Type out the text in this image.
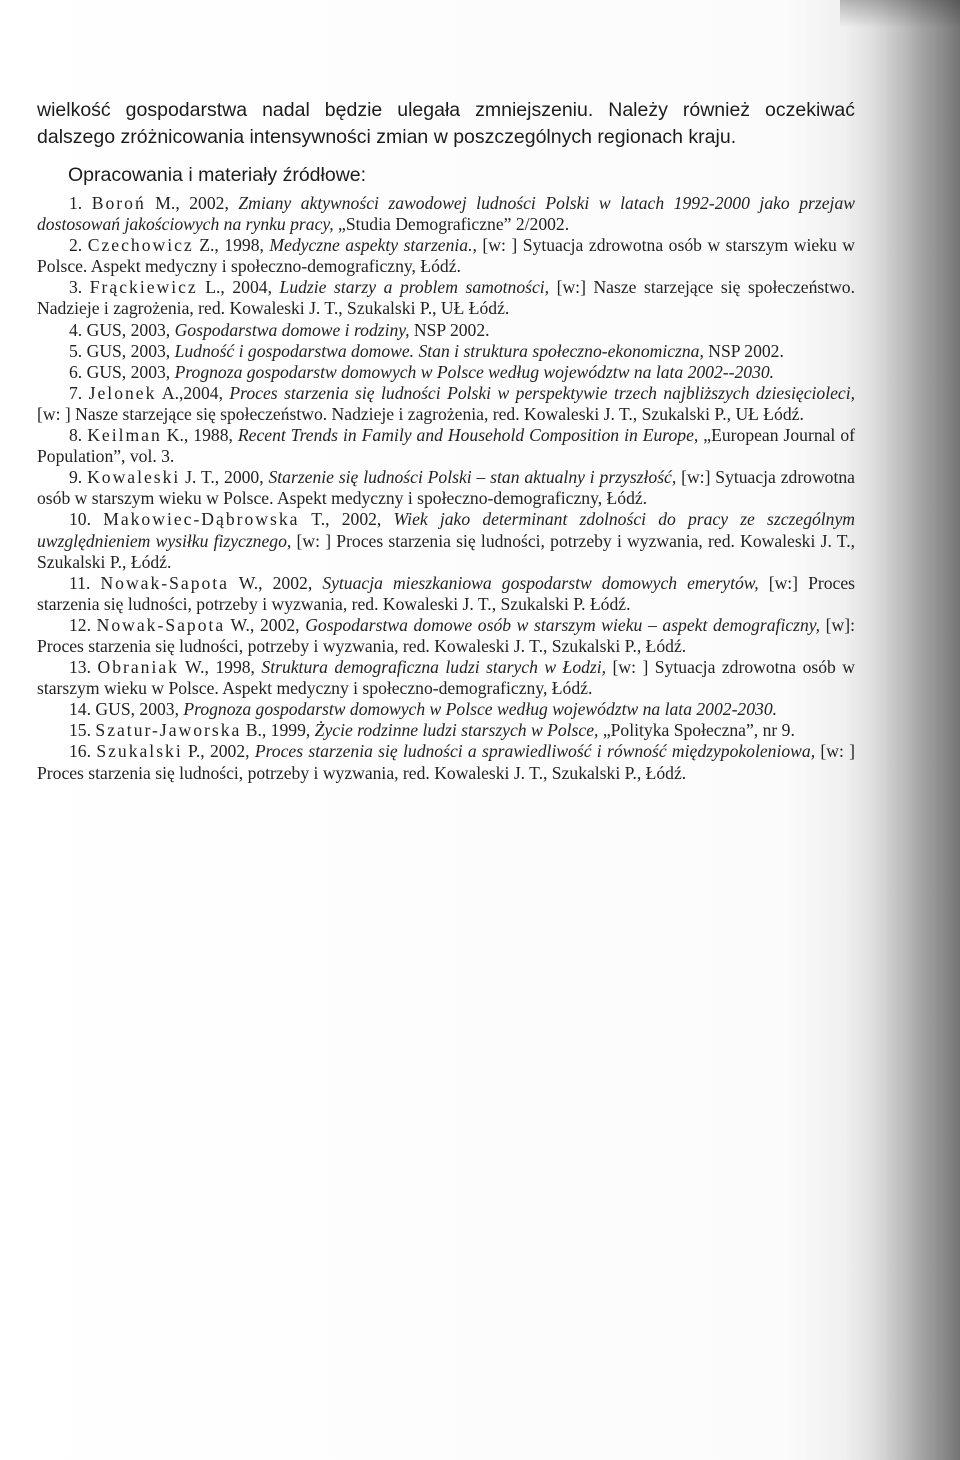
wielkość gospodarstwa nadal będzie ulegała zmniejszeniu. Należy również oczekiwać dalszego zróżnicowania intensywności zmian w poszczególnych regionach kraju.

Opracowania i materiały źródłowe:
1. Boroń M., 2002, Zmiany aktywności zawodowej ludności Polski w latach 1992-2000 jako przejaw dostosowań jakościowych na rynku pracy, „Studia Demograficzne” 2/2002.
2. Czechowicz Z., 1998, Medyczne aspekty starzenia., [w: ] Sytuacja zdrowotna osób w starszym wieku w Polsce. Aspekt medyczny i społeczno-demograficzny, Łódź.
3. Frąckiewicz L., 2004, Ludzie starzy a problem samotności, [w:] Nasze starzejące się społeczeństwo. Nadzieje i zagrożenia, red. Kowaleski J. T., Szukalski P., UŁ Łódź.
4. GUS, 2003, Gospodarstwa domowe i rodziny, NSP 2002.
5. GUS, 2003, Ludność i gospodarstwa domowe. Stan i struktura społeczno-ekonomiczna, NSP 2002.
6. GUS, 2003, Prognoza gospodarstw domowych w Polsce według województw na lata 2002--2030.
7. Jelonek A.,2004, Proces starzenia się ludności Polski w perspektywie trzech najbliższych dziesięcioleci, [w: ] Nasze starzejące się społeczeństwo. Nadzieje i zagrożenia, red. Kowaleski J. T., Szukalski P., UŁ Łódź.
8. Keilman K., 1988, Recent Trends in Family and Household Composition in Europe, „European Journal of Population”, vol. 3.
9. Kowaleski J. T., 2000, Starzenie się ludności Polski – stan aktualny i przyszłość, [w:] Sytuacja zdrowotna osób w starszym wieku w Polsce. Aspekt medyczny i społeczno-demograficzny, Łódź.
10. Makowiec-Dąbrowska T., 2002, Wiek jako determinant zdolności do pracy ze szczególnym uwzględnieniem wysiłku fizycznego, [w: ] Proces starzenia się ludności, potrzeby i wyzwania, red. Kowaleski J. T., Szukalski P., Łódź.
11. Nowak-Sapota W., 2002, Sytuacja mieszkaniowa gospodarstw domowych emerytów, [w:] Proces starzenia się ludności, potrzeby i wyzwania, red. Kowaleski J. T., Szukalski P. Łódź.
12. Nowak-Sapota W., 2002, Gospodarstwa domowe osób w starszym wieku – aspekt demograficzny, [w]: Proces starzenia się ludności, potrzeby i wyzwania, red. Kowaleski J. T., Szukalski P., Łódź.
13. Obraniak W., 1998, Struktura demograficzna ludzi starych w Łodzi, [w: ] Sytuacja zdrowotna osób w starszym wieku w Polsce. Aspekt medyczny i społeczno-demograficzny, Łódź.
14. GUS, 2003, Prognoza gospodarstw domowych w Polsce według województw na lata 2002-2030.
15. Szatur-Jaworska B., 1999, Życie rodzinne ludzi starszych w Polsce, „Polityka Społeczna”, nr 9.
16. Szukalski P., 2002, Proces starzenia się ludności a sprawiedliwość i równość międzypokoleniowa, [w: ] Proces starzenia się ludności, potrzeby i wyzwania, red. Kowaleski J. T., Szukalski P., Łódź.
